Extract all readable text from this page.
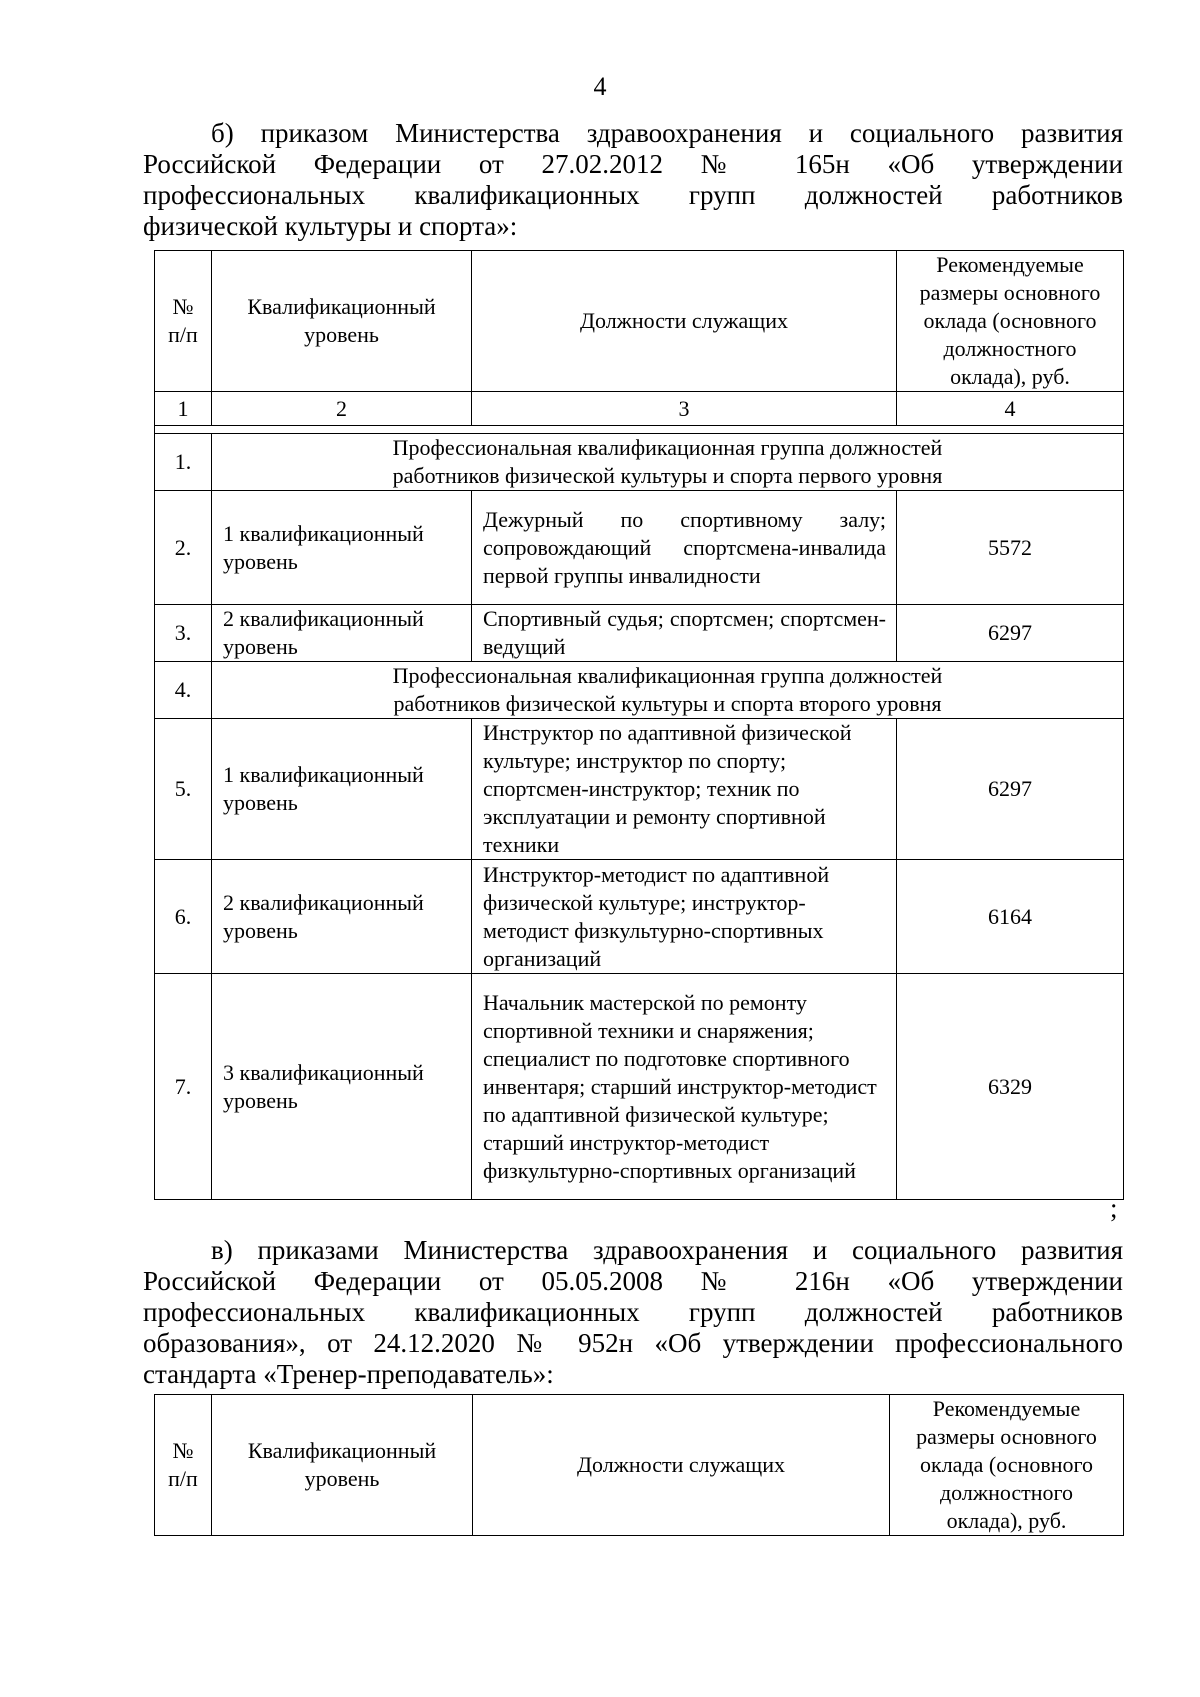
4
б) приказом Министерства здравоохранения и социального развития
Российской Федерации от 27.02.2012 № 165н «Об утверждении
профессиональных квалификационных групп должностей работников
физической культуры и спорта»:
№ п/п	Квалификационный уровень	Должности служащих	Рекомендуемые размеры основного оклада (основного должностного оклада), руб.
1	2	3	4

1.	Профессиональная квалификационная группа должностей работников физической культуры и спорта первого уровня		
2.	1 квалификационный уровень	Дежурный по спортивному залу; сопровождающий спортсмена-инвалида первой группы инвалидности	5572
3.	2 квалификационный уровень	Спортивный судья; спортсмен; спортсмен-ведущий	6297
4.	Профессиональная квалификационная группа должностей работников физической культуры и спорта второго уровня		
5.	1 квалификационный уровень	Инструктор по адаптивной физической культуре; инструктор по спорту; спортсмен-инструктор; техник по эксплуатации и ремонту спортивной техники	6297
6.	2 квалификационный уровень	Инструктор-методист по адаптивной физической культуре; инструктор-методист физкультурно-спортивных организаций	6164
7.	3 квалификационный уровень	Начальник мастерской по ремонту спортивной техники и снаряжения; специалист по подготовке спортивного инвентаря; старший инструктор-методист по адаптивной физической культуре; старший инструктор-методист физкультурно-спортивных организаций	6329
;
в) приказами Министерства здравоохранения и социального развития
Российской Федерации от 05.05.2008 № 216н «Об утверждении
профессиональных квалификационных групп должностей работников
образования», от 24.12.2020 № 952н «Об утверждении профессионального
стандарта «Тренер-преподаватель»:
№ п/п	Квалификационный уровень	Должности служащих	Рекомендуемые размеры основного оклада (основного должностного оклада), руб.
